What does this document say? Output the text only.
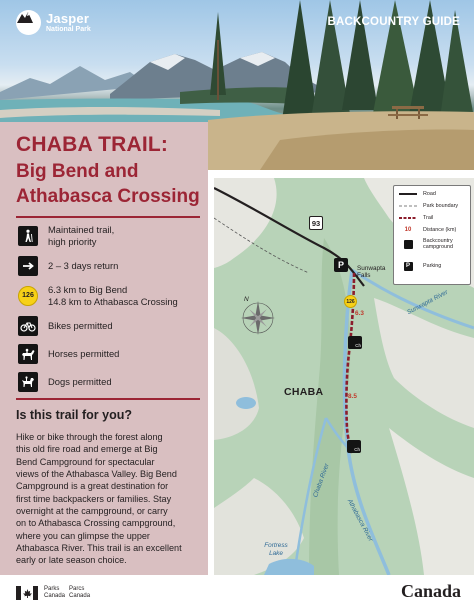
Jasper
National Park
BACKCOUNTRY GUIDE
CHABA TRAIL:
Big Bend and
Athabasca Crossing
Maintained trail,
high priority
2 – 3 days return
126
6.3 km to Big Bend
14.8 km to Athabasca Crossing
Bikes permitted
Horses permitted
Dogs permitted
Is this trail for you?
Hike or bike through the forest along
this old fire road and emerge at Big
Bend Campground for spectacular
views of the Athabasca Valley. Big Bend
Campground is a great destination for
first time backpackers or families. Stay
overnight at the campground, or carry
on to Athabasca Crossing campground,
where you can glimpse the upper
Athabasca River. This trail is an excellent
early or late season choice.
93
P	Sunwapta Falls
126
6.3
8.5
Ch
Ch
CHABA
N	Sunwapta River
Chaba River
Athabasca River
Fortress Lake
Road
Park boundary
Trail
10	Distance (km)
Backcountry campground
P	Parking
Parks
Canada
Parcs
Canada	Canada
